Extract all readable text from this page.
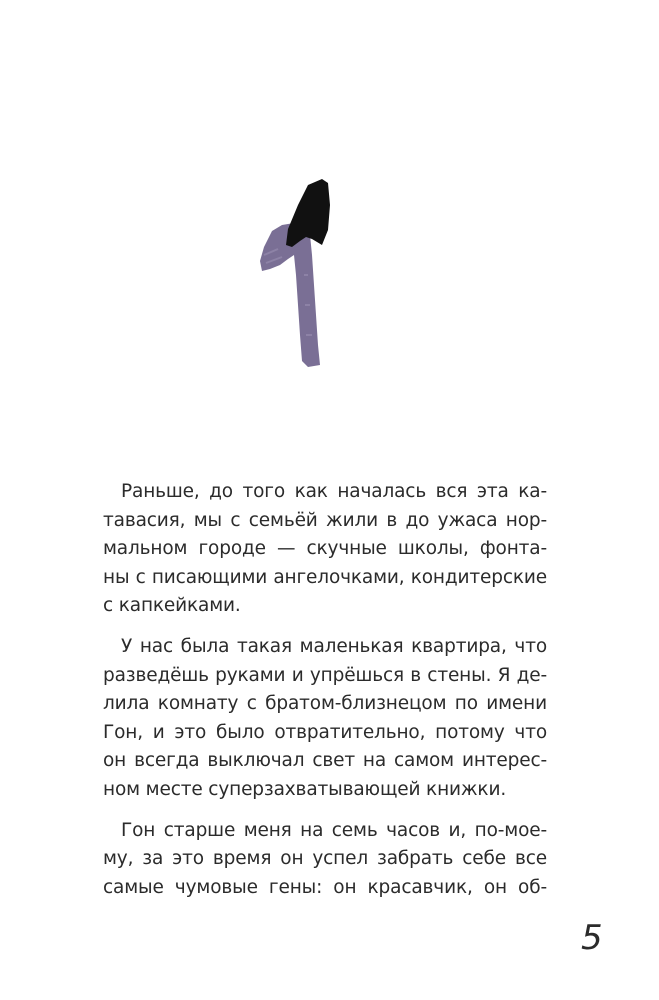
Раньше, до того как началась вся эта ка-
тавасия, мы с семьёй жили в до ужаса нор-
мальном городе — скучные школы, фонта-
ны с писающими ангелочками, кондитерские
с капкейками.

У нас была такая маленькая квартира, что
разведёшь руками и упрёшься в стены. Я де-
лила комнату с братом-близнецом по имени
Гон, и это было отвратительно, потому что
он всегда выключал свет на самом интерес-
ном месте суперзахватывающей книжки.

Гон старше меня на семь часов и, по-мое-
му, за это время он успел забрать себе все
самые чумовые гены: он красавчик, он об-

5
